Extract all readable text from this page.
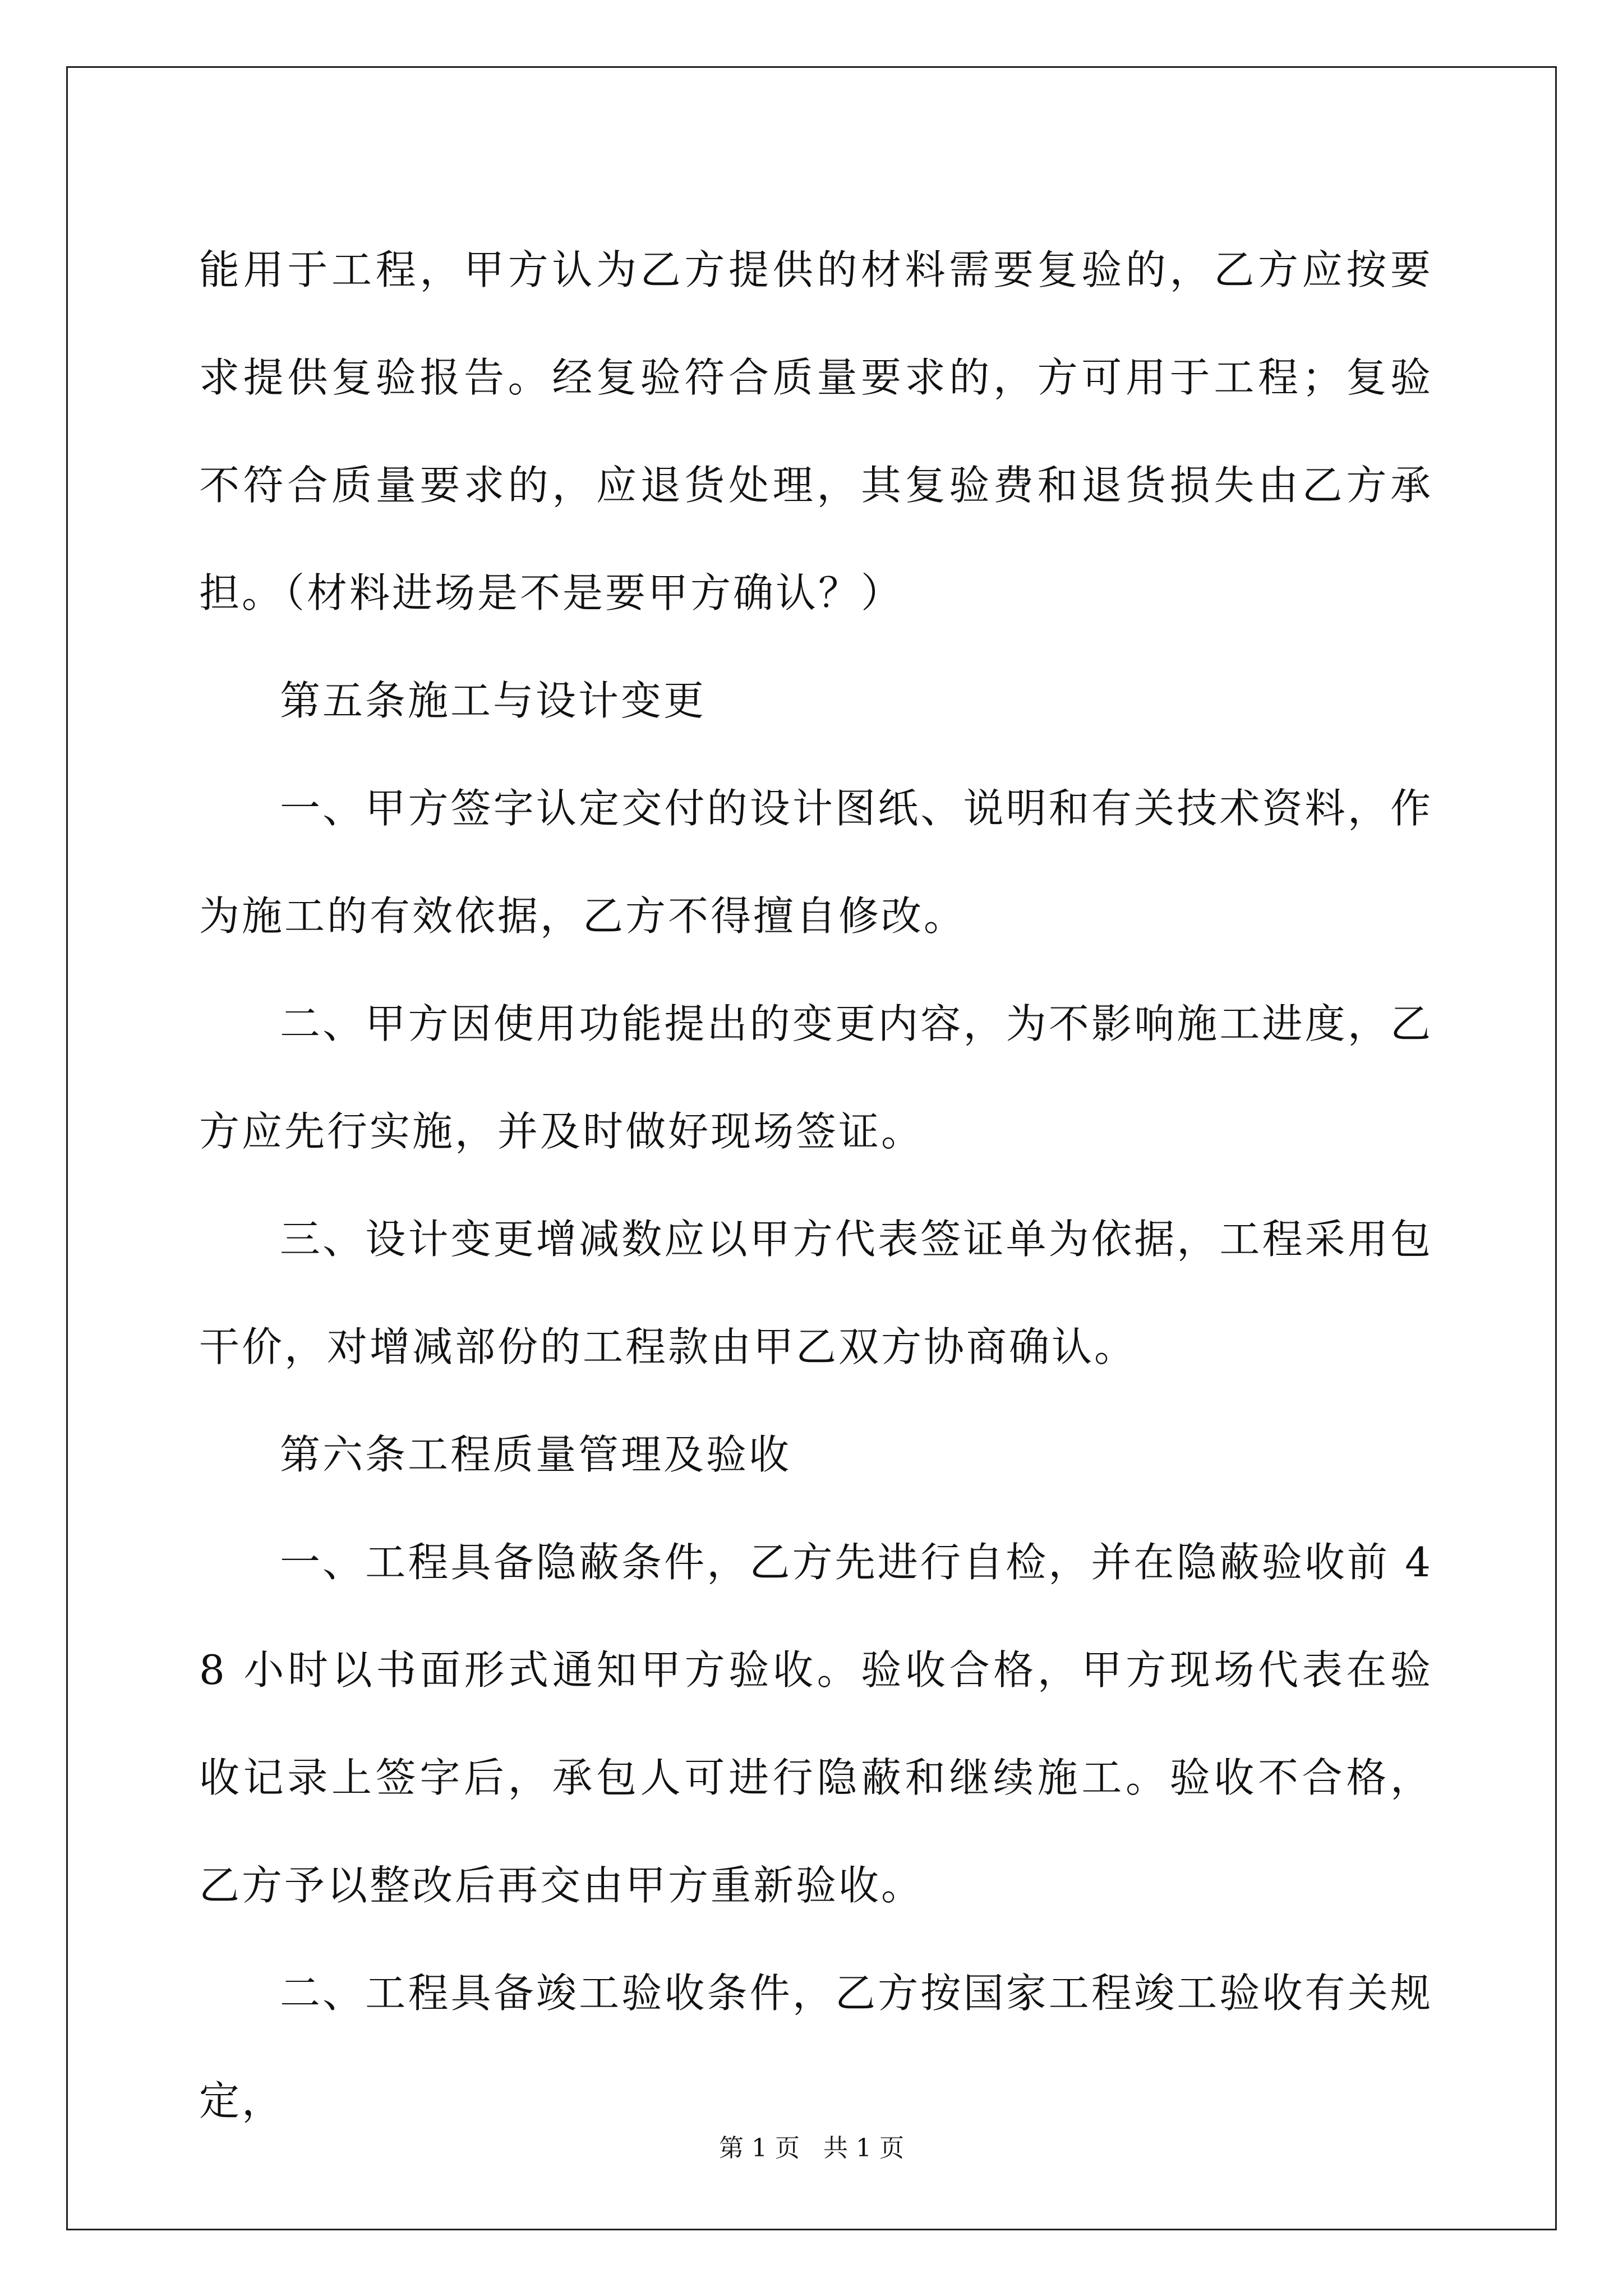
能用于工程，甲方认为乙方提供的材料需要复验的，乙方应按要求提供复验报告。经复验符合质量要求的，方可用于工程；复验不符合质量要求的，应退货处理，其复验费和退货损失由乙方承担。（材料进场是不是要甲方确认？）

第五条施工与设计变更

一、甲方签字认定交付的设计图纸、说明和有关技术资料，作为施工的有效依据，乙方不得擅自修改。

二、甲方因使用功能提出的变更内容，为不影响施工进度，乙方应先行实施，并及时做好现场签证。

三、设计变更增减数应以甲方代表签证单为依据，工程采用包干价，对增减部份的工程款由甲乙双方协商确认。

第六条工程质量管理及验收

一、工程具备隐蔽条件，乙方先进行自检，并在隐蔽验收前 48 小时以书面形式通知甲方验收。验收合格，甲方现场代表在验收记录上签字后，承包人可进行隐蔽和继续施工。验收不合格，乙方予以整改后再交由甲方重新验收。

二、工程具备竣工验收条件，乙方按国家工程竣工验收有关规定，

第 1 页 共 1 页
